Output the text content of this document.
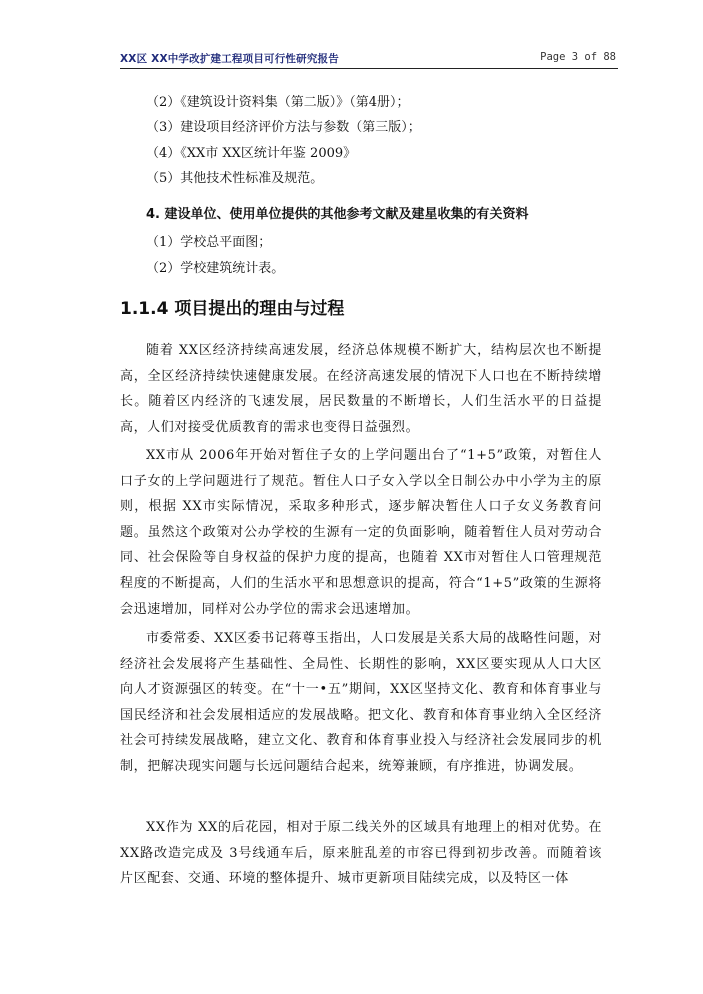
XX区 XX中学改扩建工程项目可行性研究报告	Page 3 of 88
（2）《建筑设计资料集（第二版）》（第4册）；
（3）建设项目经济评价方法与参数（第三版）；
（4）《XX市 XX区统计年鉴 2009》
（5）其他技术性标准及规范。
4. 建设单位、使用单位提供的其他参考文献及建星收集的有关资料
（1）学校总平面图；
（2）学校建筑统计表。
1.1.4 项目提出的理由与过程

随着 XX区经济持续高速发展，经济总体规模不断扩大，结构层次也不断提高，全区经济持续快速健康发展。在经济高速发展的情况下人口也在不断持续增长。随着区内经济的飞速发展，居民数量的不断增长，人们生活水平的日益提高，人们对接受优质教育的需求也变得日益强烈。

XX市从 2006年开始对暂住子女的上学问题出台了“1+5”政策，对暂住人口子女的上学问题进行了规范。暂住人口子女入学以全日制公办中小学为主的原则，根据 XX市实际情况，采取多种形式，逐步解决暂住人口子女义务教育问题。虽然这个政策对公办学校的生源有一定的负面影响，随着暂住人员对劳动合同、社会保险等自身权益的保护力度的提高，也随着 XX市对暂住人口管理规范程度的不断提高，人们的生活水平和思想意识的提高，符合“1+5”政策的生源将会迅速增加，同样对公办学位的需求会迅速增加。

市委常委、XX区委书记蒋尊玉指出，人口发展是关系大局的战略性问题，对经济社会发展将产生基础性、全局性、长期性的影响，XX区要实现从人口大区向人才资源强区的转变。在“十一•五”期间，XX区坚持文化、教育和体育事业与国民经济和社会发展相适应的发展战略。把文化、教育和体育事业纳入全区经济社会可持续发展战略，建立文化、教育和体育事业投入与经济社会发展同步的机制，把解决现实问题与长远问题结合起来，统筹兼顾，有序推进，协调发展。

XX作为 XX的后花园，相对于原二线关外的区域具有地理上的相对优势。在 XX路改造完成及 3号线通车后，原来脏乱差的市容已得到初步改善。而随着该片区配套、交通、环境的整体提升、城市更新项目陆续完成，以及特区一体
